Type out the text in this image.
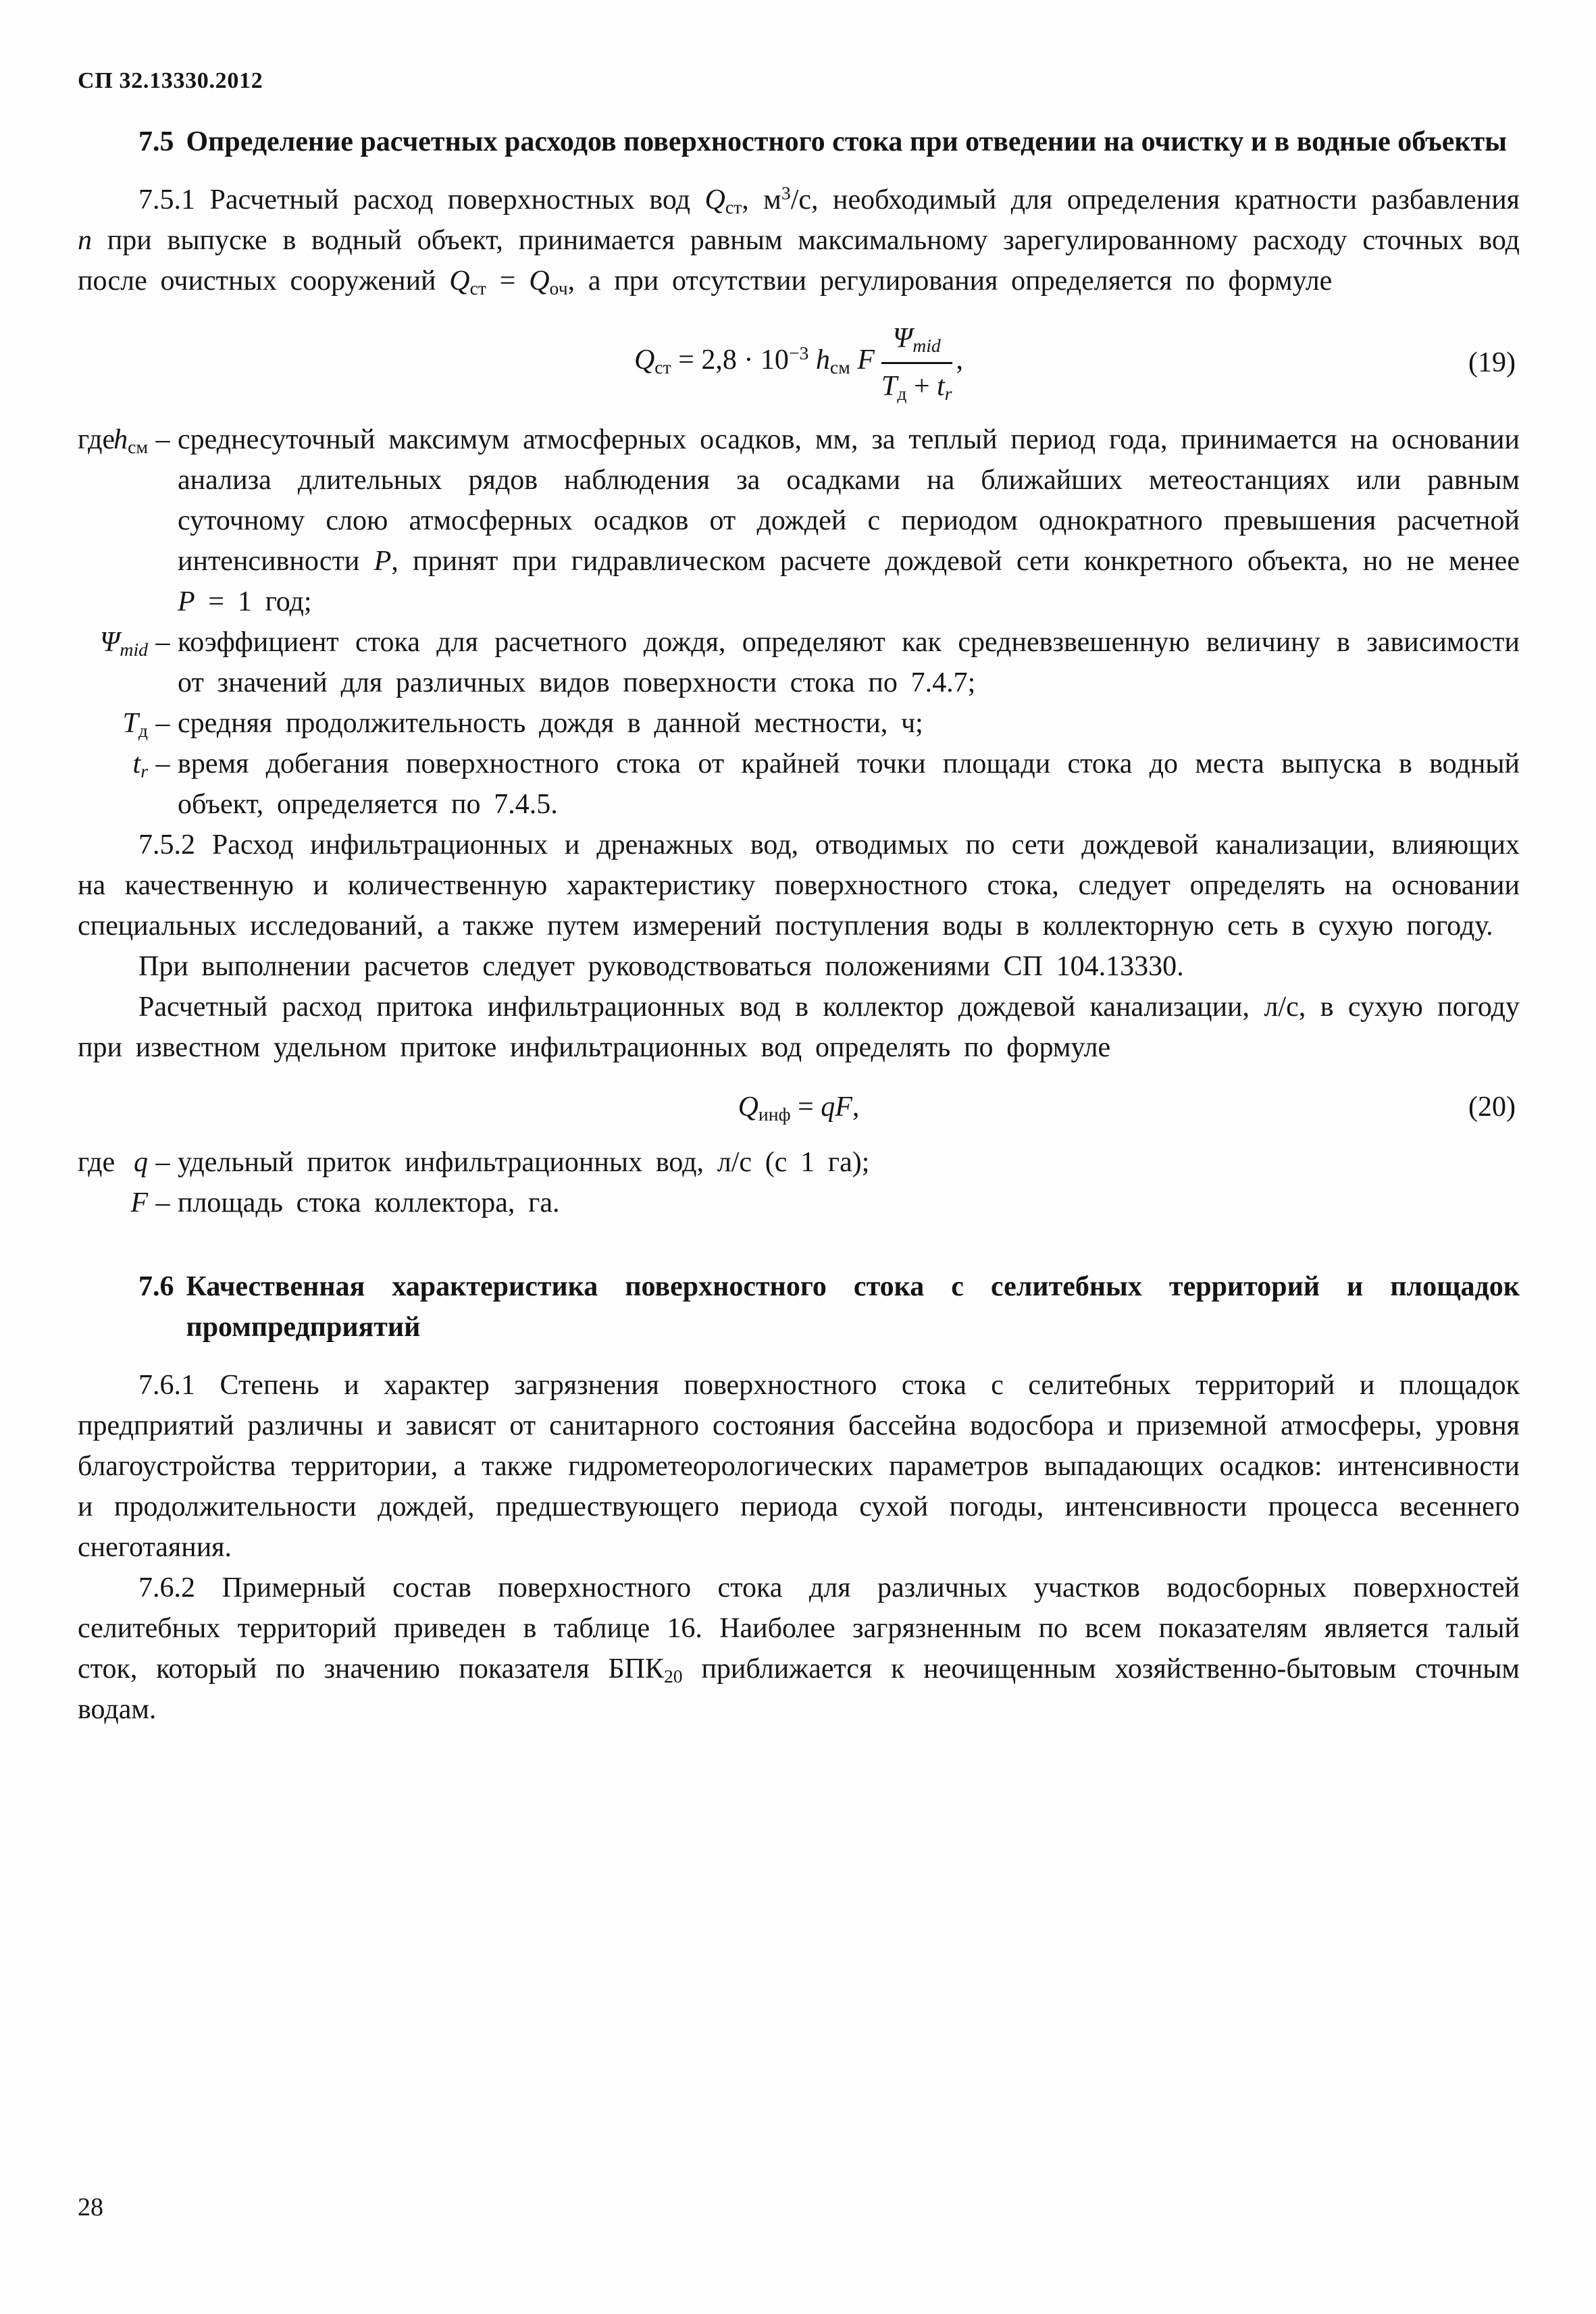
СП 32.13330.2012
7.5 Определение расчетных расходов поверхностного стока при отведении на очистку и в водные объекты

7.5.1 Расчетный расход поверхностных вод Qст, $м^3/с$, необходимый для определения кратности разбавления n при выпуске в водный объект, принимается равным максимальному зарегулированному расходу сточных вод после очистных сооружений Qст = Qоч, а при отсутствии регулирования определяется по формуле

Qст = $2,8 \cdot 10^{-3}$ hсм F $\frac{\text{Ψmid}}{Tд + tr}$ ,	(19)
где
hсм – среднесуточный максимум атмосферных осадков, мм, за теплый период года, принимается на основании анализа длительных рядов наблюдения за осадками на ближайших метеостанциях или равным суточному слою атмосферных осадков от дождей с периодом однократного превышения расчетной интенсивности P, принят при гидравлическом расчете дождевой сети конкретного объекта, но не менее P = 1 год;
Ψmid – коэффициент стока для расчетного дождя, определяют как средневзвешенную величину в зависимости от значений для различных видов поверхности стока по 7.4.7;
Tд – средняя продолжительность дождя в данной местности, ч;
tr – время добегания поверхностного стока от крайней точки площади стока до места выпуска в водный объект, определяется по 7.4.5.

7.5.2 Расход инфильтрационных и дренажных вод, отводимых по сети дождевой канализации, влияющих на качественную и количественную характеристику поверхностного стока, следует определять на основании специальных исследований, а также путем измерений поступления воды в коллекторную сеть в сухую погоду.

При выполнении расчетов следует руководствоваться положениями СП 104.13330.

Расчетный расход притока инфильтрационных вод в коллектор дождевой канализации, л/с, в сухую погоду при известном удельном притоке инфильтрационных вод определять по формуле

Qинф = qF,	(20)
где q – удельный приток инфильтрационных вод, л/с (с 1 га);
F – площадь стока коллектора, га.
7.6 Качественная характеристика поверхностного стока с селитебных территорий и площадок промпредприятий

7.6.1 Степень и характер загрязнения поверхностного стока с селитебных территорий и площадок предприятий различны и зависят от санитарного состояния бассейна водосбора и приземной атмосферы, уровня благоустройства территории, а также гидрометеорологических параметров выпадающих осадков: интенсивности и продолжительности дождей, предшествующего периода сухой погоды, интенсивности процесса весеннего снеготаяния.

7.6.2 Примерный состав поверхностного стока для различных участков водосборных поверхностей селитебных территорий приведен в таблице 16. Наиболее загрязненным по всем показателям является талый сток, который по значению показателя БПК20 приближается к неочищенным хозяйственно-бытовым сточным водам.

28
